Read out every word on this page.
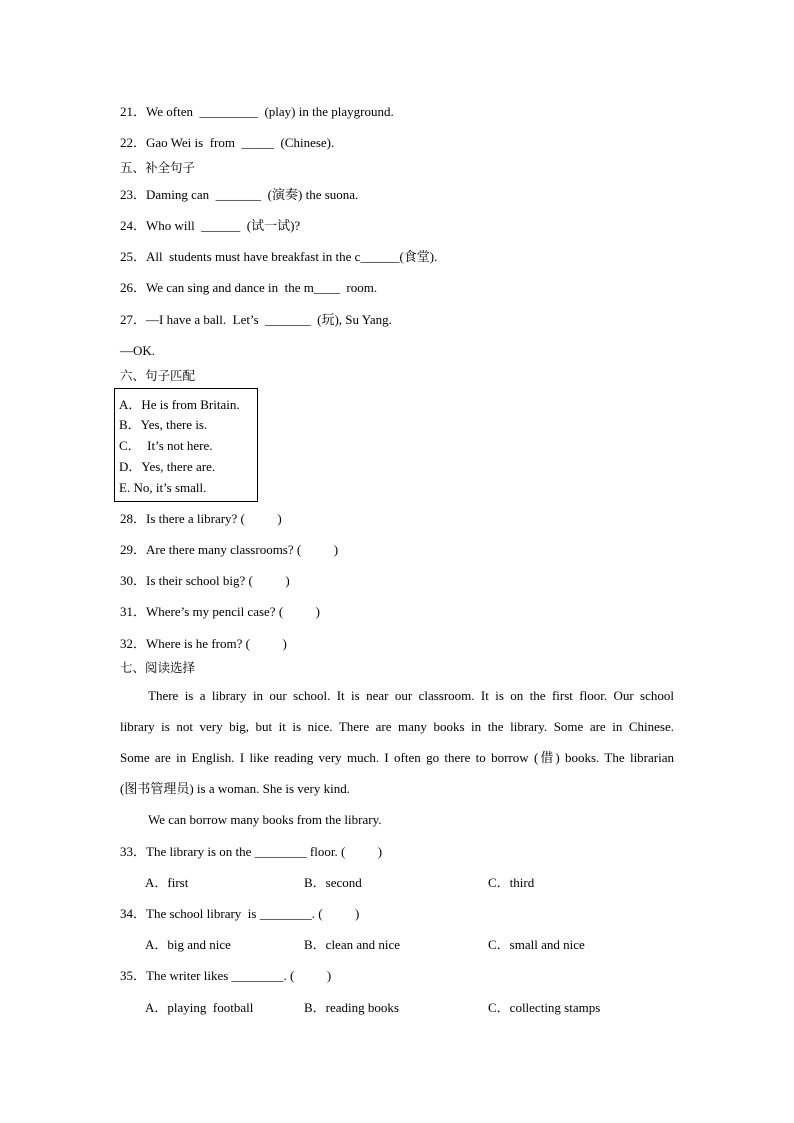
21．We often  _________  (play) in the playground.
22．Gao Wei is  from  _____  (Chinese).
五、补全句子
23．Daming can  _______  (演奏) the suona.
24．Who will  ______  (试一试)?
25．All  students must have breakfast in the c______(食堂).
26．We can sing and dance in  the m____  room.
27．—I have a ball.  Let’s  _______  (玩), Su Yang.
—OK.
六、句子匹配
A．He is from Britain.
B．Yes, there is.
C．  It’s not here.
D．Yes, there are.
E. No, it’s small.
28．Is there a library? (          )
29．Are there many classrooms? (          )
30．Is their school big? (          )
31．Where’s my pencil case? (          )
32．Where is he from? (          )
七、阅读选择
There is a library in our school. It is near our classroom. It is on the first floor. Our school
library is not very big, but it is nice. There are many books in the library. Some are in Chinese.
Some are in English. I like reading very much. I often go there to borrow (借) books. The librarian
(图书管理员) is a woman. She is very kind.
We can borrow many books from the library.
33．The library is on the ________ floor. (          )
A．first	B．second	C．third
34．The school library  is ________. (          )
A．big and nice	B．clean and nice	C．small and nice
35．The writer likes ________. (          )
A．playing  football	B．reading books	C．collecting stamps
